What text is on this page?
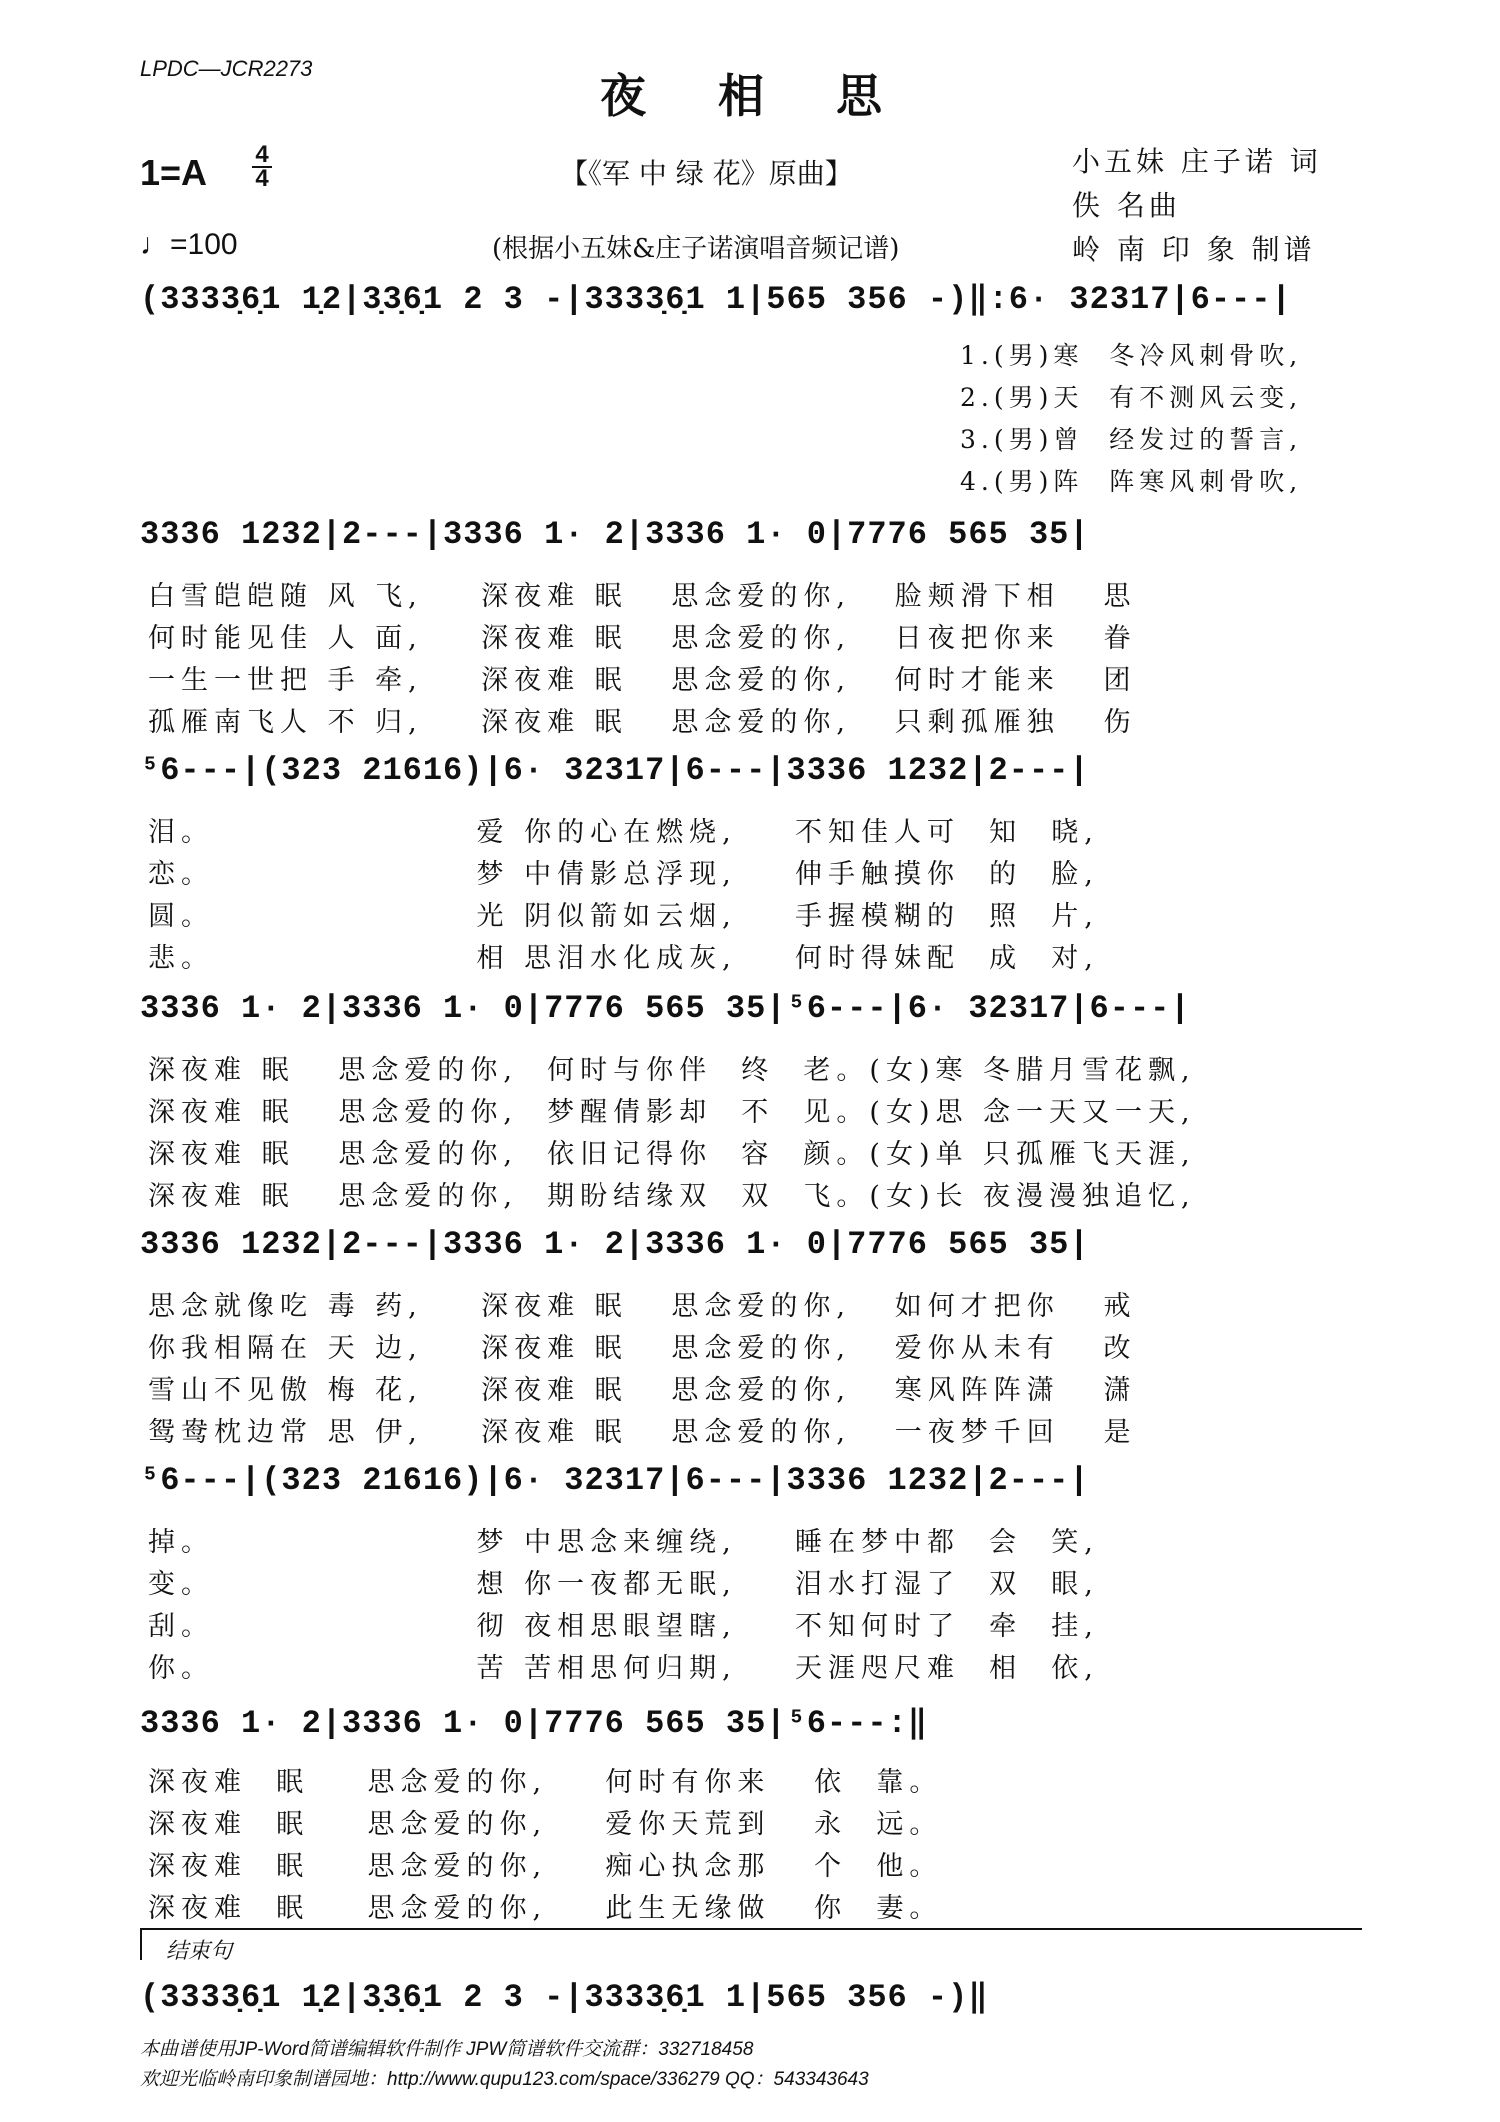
LPDC—JCR2273
夜 相 思
1=A 4
4
♩=100
【《军 中 绿 花》原曲】
(根据小五妹&庄子诺演唱音频记谱)
小五妹 庄子诺 词
佚 名曲
岭 南 印 象 制谱
(3333̣6̣1 1̣2|3̣3̣6̣1 2 3 -|3333̣6̣1 1|565 356 -)‖:6· 32317|6---|
1.(男)寒  冬冷风刺骨吹,
2.(男)天  有不测风云变,
3.(男)曾  经发过的誓言,
4.(男)阵  阵寒风刺骨吹,
3336 1232|2---|3336 1· 2|3336 1· 0|7776 565 35|
白雪皑皑随 风 飞,    深夜难 眠   思念爱的你,   脸颊滑下相   思
何时能见佳 人 面,    深夜难 眠   思念爱的你,   日夜把你来   眷
一生一世把 手 牵,    深夜难 眠   思念爱的你,   何时才能来   团
孤雁南飞人 不 归,    深夜难 眠   思念爱的你,   只剩孤雁独   伤
⁵6---|(323 21616)|6· 32317|6---|3336 1232|2---|
泪。                  爱 你的心在燃烧,    不知佳人可  知  晓,
恋。                  梦 中倩影总浮现,    伸手触摸你  的  脸,
圆。                  光 阴似箭如云烟,    手握模糊的  照  片,
悲。                  相 思泪水化成灰,    何时得妹配  成  对,
3336 1· 2|3336 1· 0|7776 565 35|⁵6---|6· 32317|6---|
深夜难 眠   思念爱的你,  何时与你伴  终  老。(女)寒 冬腊月雪花飘,
深夜难 眠   思念爱的你,  梦醒倩影却  不  见。(女)思 念一天又一天,
深夜难 眠   思念爱的你,  依旧记得你  容  颜。(女)单 只孤雁飞天涯,
深夜难 眠   思念爱的你,  期盼结缘双  双  飞。(女)长 夜漫漫独追忆,
3336 1232|2---|3336 1· 2|3336 1· 0|7776 565 35|
思念就像吃 毒 药,    深夜难 眠   思念爱的你,   如何才把你   戒
你我相隔在 天 边,    深夜难 眠   思念爱的你,   爱你从未有   改
雪山不见傲 梅 花,    深夜难 眠   思念爱的你,   寒风阵阵潇   潇
鸳鸯枕边常 思 伊,    深夜难 眠   思念爱的你,   一夜梦千回   是
⁵6---|(323 21616)|6· 32317|6---|3336 1232|2---|
掉。                  梦 中思念来缠绕,    睡在梦中都  会  笑,
变。                  想 你一夜都无眠,    泪水打湿了  双  眼,
刮。                  彻 夜相思眼望瞎,    不知何时了  牵  挂,
你。                  苦 苦相思何归期,    天涯咫尺难  相  依,
3336 1· 2|3336 1· 0|7776 565 35|⁵6---:‖
深夜难  眠    思念爱的你,    何时有你来   依  靠。
深夜难  眠    思念爱的你,    爱你天荒到   永  远。
深夜难  眠    思念爱的你,    痴心执念那   个  他。
深夜难  眠    思念爱的你,    此生无缘做   你  妻。
结束句
(3333̣6̣1 1̣2|3̣3̣6̣1 2 3 -|3333̣6̣1 1|565 356 -)‖
本曲谱使用JP-Word简谱编辑软件制作 JPW简谱软件交流群：332718458
欢迎光临岭南印象制谱园地：http://www.qupu123.com/space/336279 QQ：543343643
